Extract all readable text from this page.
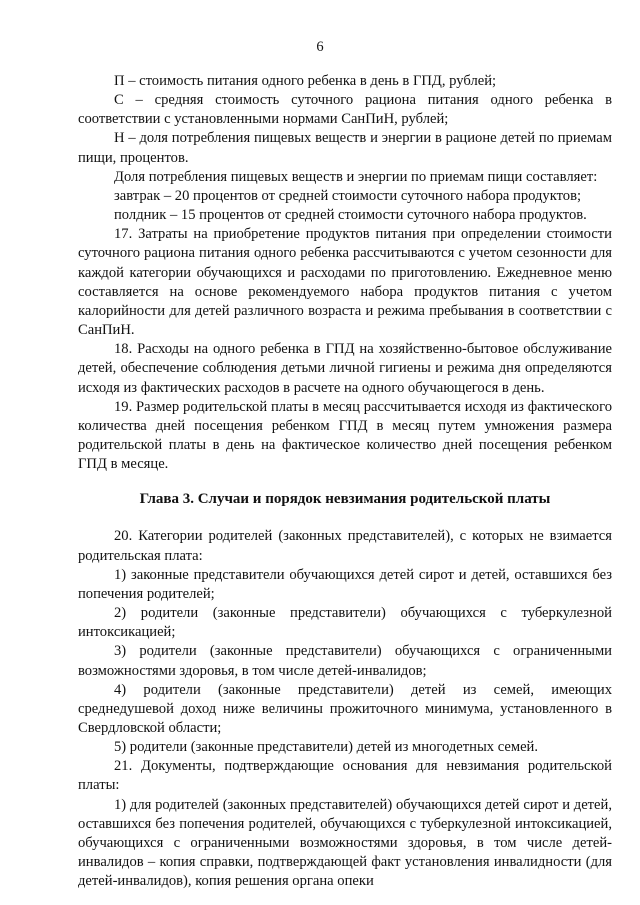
6

П – стоимость питания одного ребенка в день в ГПД, рублей;

С – средняя стоимость суточного рациона питания одного ребенка в соответствии с установленными нормами СанПиН, рублей;

Н – доля потребления пищевых веществ и энергии в рационе детей по приемам пищи, процентов.

Доля потребления пищевых веществ и энергии по приемам пищи составляет:

завтрак – 20 процентов от средней стоимости суточного набора продуктов;

полдник – 15 процентов от средней стоимости суточного набора продуктов.

17. Затраты на приобретение продуктов питания при определении стоимости суточного рациона питания одного ребенка рассчитываются с учетом сезонности для каждой категории обучающихся и расходами по приготовлению. Ежедневное меню составляется на основе рекомендуемого набора продуктов питания с учетом калорийности для детей различного возраста и режима пребывания в соответствии с СанПиН.

18. Расходы на одного ребенка в ГПД на хозяйственно-бытовое обслуживание детей, обеспечение соблюдения детьми личной гигиены и режима дня определяются исходя из фактических расходов в расчете на одного обучающегося в день.

19. Размер родительской платы в месяц рассчитывается исходя из фактического количества дней посещения ребенком ГПД в месяц путем умножения размера родительской платы в день на фактическое количество дней посещения ребенком ГПД в месяце.

Глава 3. Случаи и порядок невзимания родительской платы

20. Категории родителей (законных представителей), с которых не взимается родительская плата:

1) законные представители обучающихся детей сирот и детей, оставшихся без попечения родителей;

2) родители (законные представители) обучающихся с туберкулезной интоксикацией;

3) родители (законные представители) обучающихся с ограниченными возможностями здоровья, в том числе детей-инвалидов;

4) родители (законные представители) детей из семей, имеющих среднедушевой доход ниже величины прожиточного минимума, установленного в Свердловской области;

5) родители (законные представители) детей из многодетных семей.

21. Документы, подтверждающие основания для невзимания родительской платы:

1) для родителей (законных представителей) обучающихся детей сирот и детей, оставшихся без попечения родителей, обучающихся с туберкулезной интоксикацией, обучающихся с ограниченными возможностями здоровья, в том числе детей-инвалидов – копия справки, подтверждающей факт установления инвалидности (для детей-инвалидов), копия решения органа опеки
